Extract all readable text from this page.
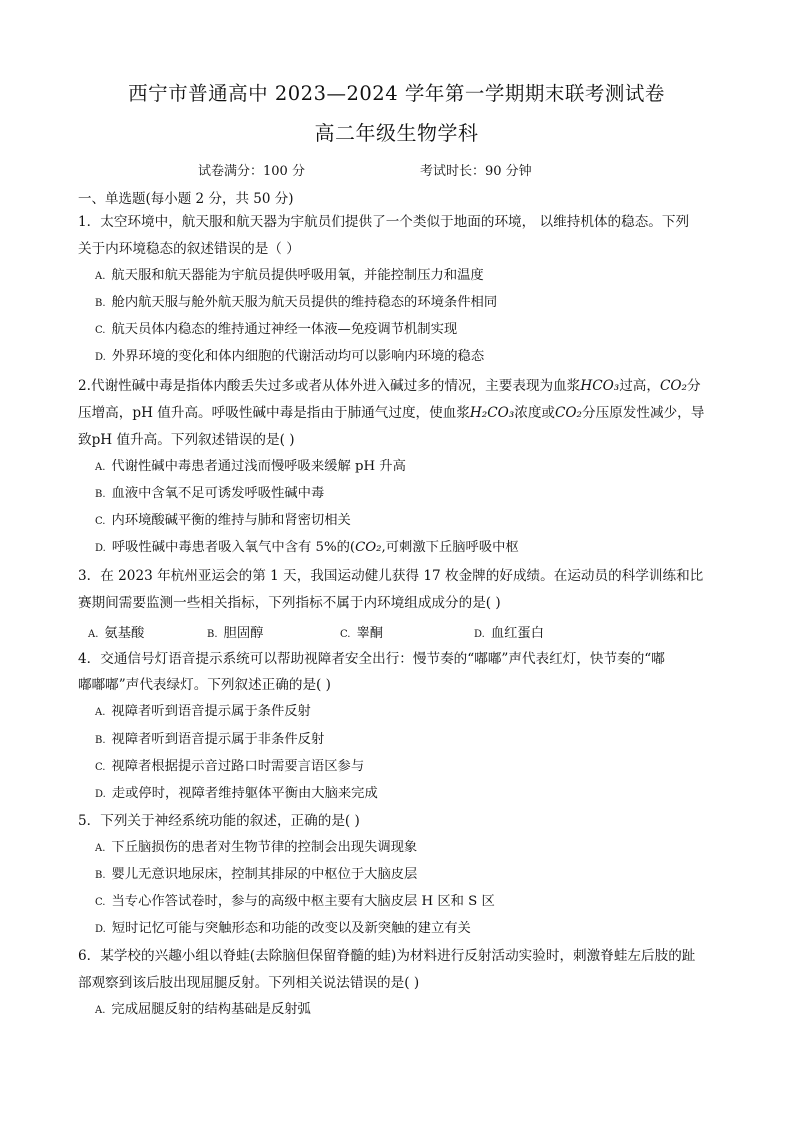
西宁市普通高中 2023—2024 学年第一学期期末联考测试卷
高二年级生物学科
试卷满分：100 分	考试时长：90 分钟
一、单选题(每小题 2 分，共 50 分)
1．太空环境中，航天服和航天器为宇航员们提供了一个类似于地面的环境， 以维持机体的稳态。下列
关于内环境稳态的叙述错误的是（ ）
A. 航天服和航天器能为宇航员提供呼吸用氧，并能控制压力和温度
B. 舱内航天服与舱外航天服为航天员提供的维持稳态的环境条件相同
C. 航天员体内稳态的维持通过神经一体液—免疫调节机制实现
D. 外界环境的变化和体内细胞的代谢活动均可以影响内环境的稳态
2.代谢性碱中毒是指体内酸丢失过多或者从体外进入碱过多的情况，主要表现为血浆HCO₃过高，CO₂分
压增高，pH 值升高。呼吸性碱中毒是指由于肺通气过度，使血浆H₂CO₃浓度或CO₂分压原发性减少，导
致pH 值升高。下列叙述错误的是( )
A. 代谢性碱中毒患者通过浅而慢呼吸来缓解 pH 升高
B. 血液中含氧不足可诱发呼吸性碱中毒
C. 内环境酸碱平衡的维持与肺和肾密切相关
D. 呼吸性碱中毒患者吸入氧气中含有 5%的(CO₂,可刺激下丘脑呼吸中枢
3．在 2023 年杭州亚运会的第 1 天，我国运动健儿获得 17 枚金牌的好成绩。在运动员的科学训练和比
赛期间需要监测一些相关指标，下列指标不属于内环境组成成分的是( )
A. 氨基酸	B. 胆固醇	C. 睾酮	D. 血红蛋白
4．交通信号灯语音提示系统可以帮助视障者安全出行：慢节奏的“嘟嘟”声代表红灯，快节奏的“嘟
嘟嘟嘟”声代表绿灯。下列叙述正确的是( )
A. 视障者听到语音提示属于条件反射
B. 视障者听到语音提示属于非条件反射
C. 视障者根据提示音过路口时需要言语区参与
D. 走或停时，视障者维持躯体平衡由大脑来完成
5．下列关于神经系统功能的叙述，正确的是( )
A. 下丘脑损伤的患者对生物节律的控制会出现失调现象
B. 婴儿无意识地尿床，控制其排尿的中枢位于大脑皮层
C. 当专心作答试卷时，参与的高级中枢主要有大脑皮层 H 区和 S 区
D. 短时记忆可能与突触形态和功能的改变以及新突触的建立有关
6．某学校的兴趣小组以脊蛙(去除脑但保留脊髓的蛙)为材料进行反射活动实验时，刺激脊蛙左后肢的趾
部观察到该后肢出现屈腿反射。下列相关说法错误的是( )
A. 完成屈腿反射的结构基础是反射弧
